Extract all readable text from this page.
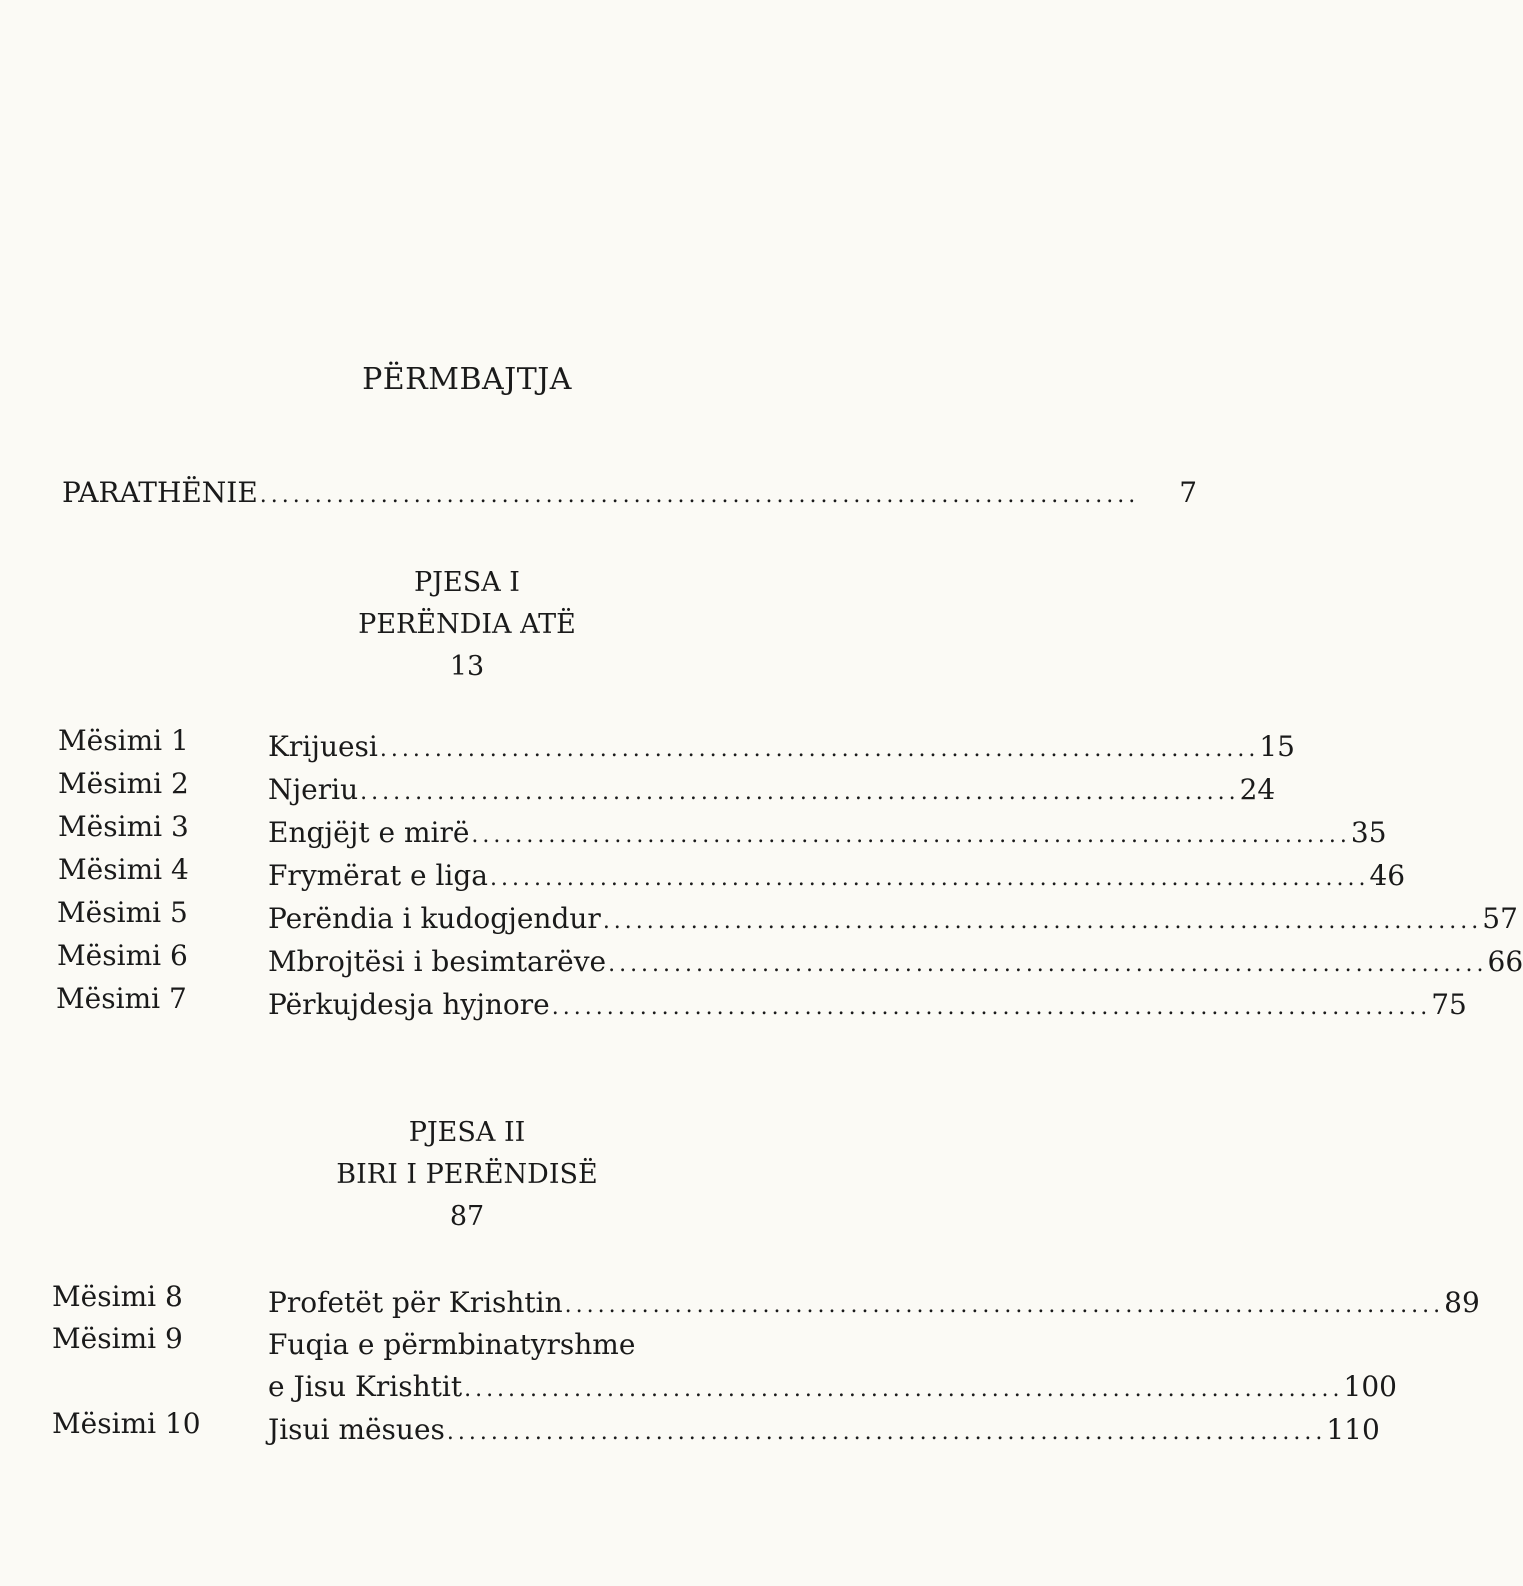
PËRMBAJTJA
PARATHËNIE ................................................................................ 7
PJESA I
PERËNDIA ATË
13
Mësimi 1	Krijuesi ................................................................................ 15
Mësimi 2	Njeriu ................................................................................ 24
Mësimi 3	Engjëjt e mirë ................................................................................ 35
Mësimi 4	Frymërat e liga ................................................................................ 46
Mësimi 5	Perëndia i kudogjendur ................................................................................ 57
Mësimi 6	Mbrojtësi i besimtarëve ................................................................................ 66
Mësimi 7	Përkujdesja hyjnore ................................................................................ 75
PJESA II
BIRI I PERËNDISË
87
Mësimi 8	Profetët për Krishtin ................................................................................ 89
Mësimi 9	Fuqia e përmbinatyrshme
e Jisu Krishtit ................................................................................ 100
Mësimi 10 Jisui mësues ................................................................................ 110
